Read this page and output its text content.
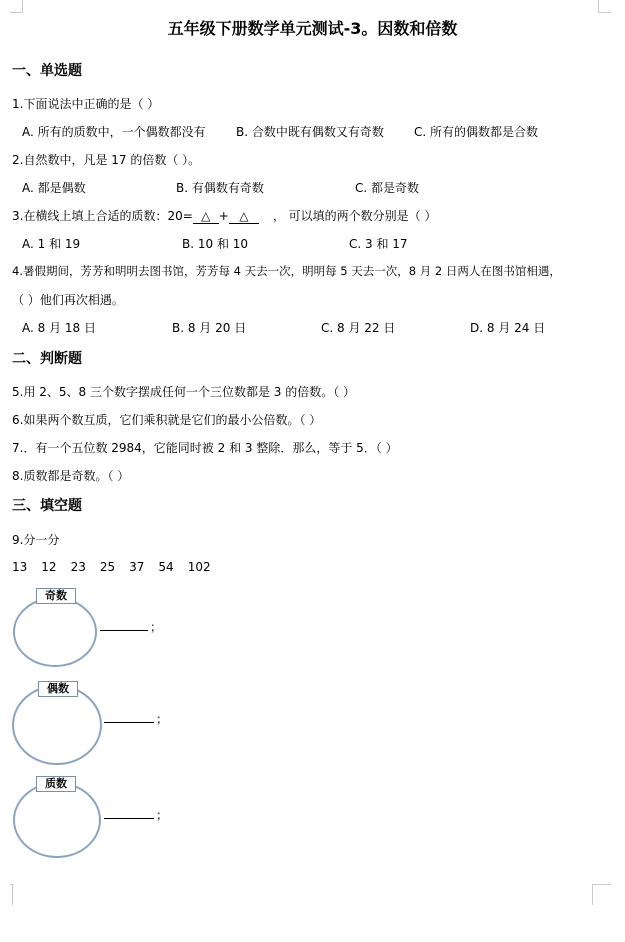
五年级下册数学单元测试-3。因数和倍数
一、单选题
1.下面说法中正确的是（ ）
A. 所有的质数中，一个偶数都没有	B. 合数中既有偶数又有奇数	C. 所有的偶数都是合数
2.自然数中，凡是 17 的倍数（ ）。
A. 都是偶数	B. 有偶数有奇数	C. 都是奇数
3.在横线上填上合适的质数：20= △ + △ ， 可以填的两个数分别是（ ）
A. 1 和 19	B. 10 和 10	C. 3 和 17
4.暑假期间，芳芳和明明去图书馆，芳芳每 4 天去一次，明明每 5 天去一次，8 月 2 日两人在图书馆相遇，
（ ）他们再次相遇。
A. 8 月 18 日	B. 8 月 20 日	C. 8 月 22 日	D. 8 月 24 日
二、判断题
5.用 2、5、8 三个数字摆成任何一个三位数都是 3 的倍数。（ ）
6.如果两个数互质，它们乘积就是它们的最小公倍数。（ ）
7.．有一个五位数 2984，它能同时被 2 和 3 整除．那么，等于 5．（ ）
8.质数都是奇数。（ ）
三、填空题
9.分一分
13 12 23 25 37 54 102
奇数
；
偶数
；
质数
；
